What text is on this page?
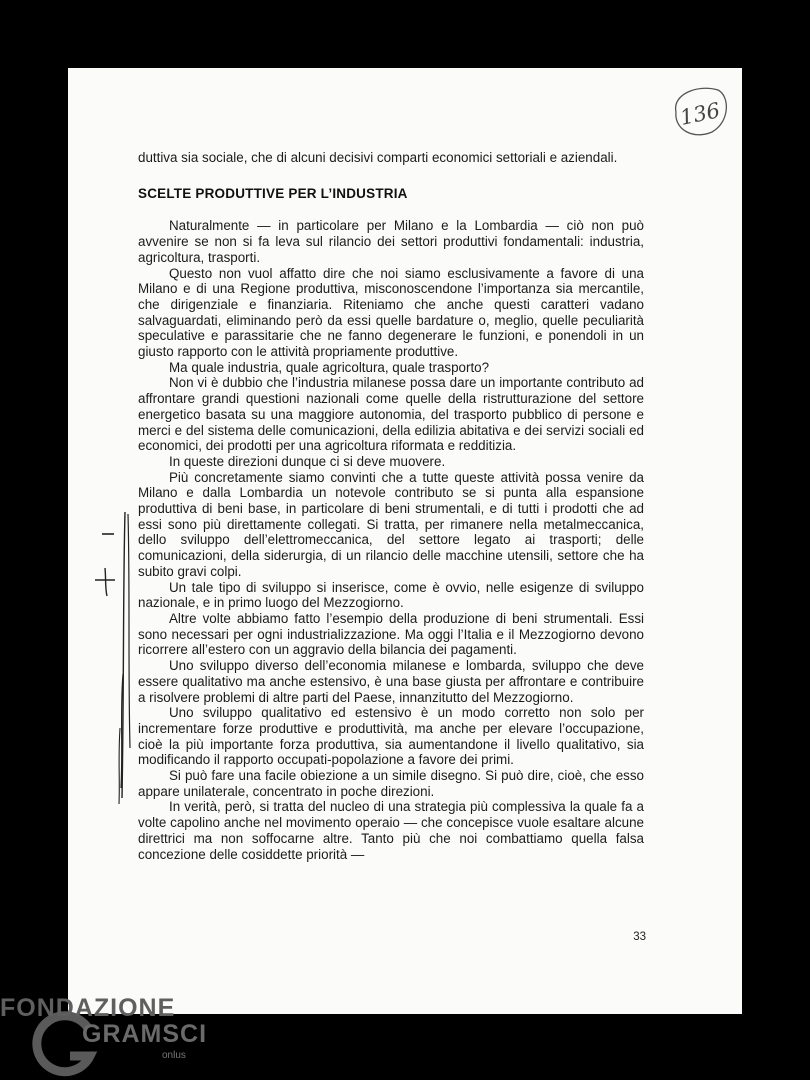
136

duttiva sia sociale, che di alcuni decisivi comparti economici settoriali e aziendali.

SCELTE PRODUTTIVE PER L’INDUSTRIA

Naturalmente — in particolare per Milano e la Lombardia — ciò non può avvenire se non si fa leva sul rilancio dei settori produttivi fondamentali: industria, agricoltura, trasporti.

Questo non vuol affatto dire che noi siamo esclusivamente a favore di una Milano e di una Regione produttiva, misconoscendone l’importanza sia mercantile, che dirigenziale e finanziaria. Riteniamo che anche questi caratteri vadano salvaguardati, eliminando però da essi quelle bardature o, meglio, quelle peculiarità speculative e parassitarie che ne fanno degenerare le funzioni, e ponendoli in un giusto rapporto con le attività propriamente produttive.

Ma quale industria, quale agricoltura, quale trasporto?

Non vi è dubbio che l’industria milanese possa dare un importante contributo ad affrontare grandi questioni nazionali come quelle della ristrutturazione del settore energetico basata su una maggiore autonomia, del trasporto pubblico di persone e merci e del sistema delle comunicazioni, della edilizia abitativa e dei servizi sociali ed economici, dei prodotti per una agricoltura riformata e redditizia.

In queste direzioni dunque ci si deve muovere.

Più concretamente siamo convinti che a tutte queste attività possa venire da Milano e dalla Lombardia un notevole contributo se si punta alla espansione produttiva di beni base, in particolare di beni strumentali, e di tutti i prodotti che ad essi sono più direttamente collegati. Si tratta, per rimanere nella metalmeccanica, dello sviluppo dell’elettromeccanica, del settore legato ai trasporti; delle comunicazioni, della siderurgia, di un rilancio delle macchine utensili, settore che ha subito gravi colpi.

Un tale tipo di sviluppo si inserisce, come è ovvio, nelle esigenze di sviluppo nazionale, e in primo luogo del Mezzogiorno.

Altre volte abbiamo fatto l’esempio della produzione di beni strumentali. Essi sono necessari per ogni industrializzazione. Ma oggi l’Italia e il Mezzogiorno devono ricorrere all’estero con un aggravio della bilancia dei pagamenti.

Uno sviluppo diverso dell’economia milanese e lombarda, sviluppo che deve essere qualitativo ma anche estensivo, è una base giusta per affrontare e contribuire a risolvere problemi di altre parti del Paese, innanzitutto del Mezzogiorno.

Uno sviluppo qualitativo ed estensivo è un modo corretto non solo per incrementare forze produttive e produttività, ma anche per elevare l’occupazione, cioè la più importante forza produttiva, sia aumentandone il livello qualitativo, sia modificando il rapporto occupati-popolazione a favore dei primi.

Si può fare una facile obiezione a un simile disegno. Si può dire, cioè, che esso appare unilaterale, concentrato in poche direzioni.

In verità, però, si tratta del nucleo di una strategia più complessiva la quale fa a volte capolino anche nel movimento operaio — che concepisce vuole esaltare alcune direttrici ma non soffocarne altre. Tanto più che noi combattiamo quella falsa concezione delle cosiddette priorità —

33
FONDAZIONE
GRAMSCI
onlus
